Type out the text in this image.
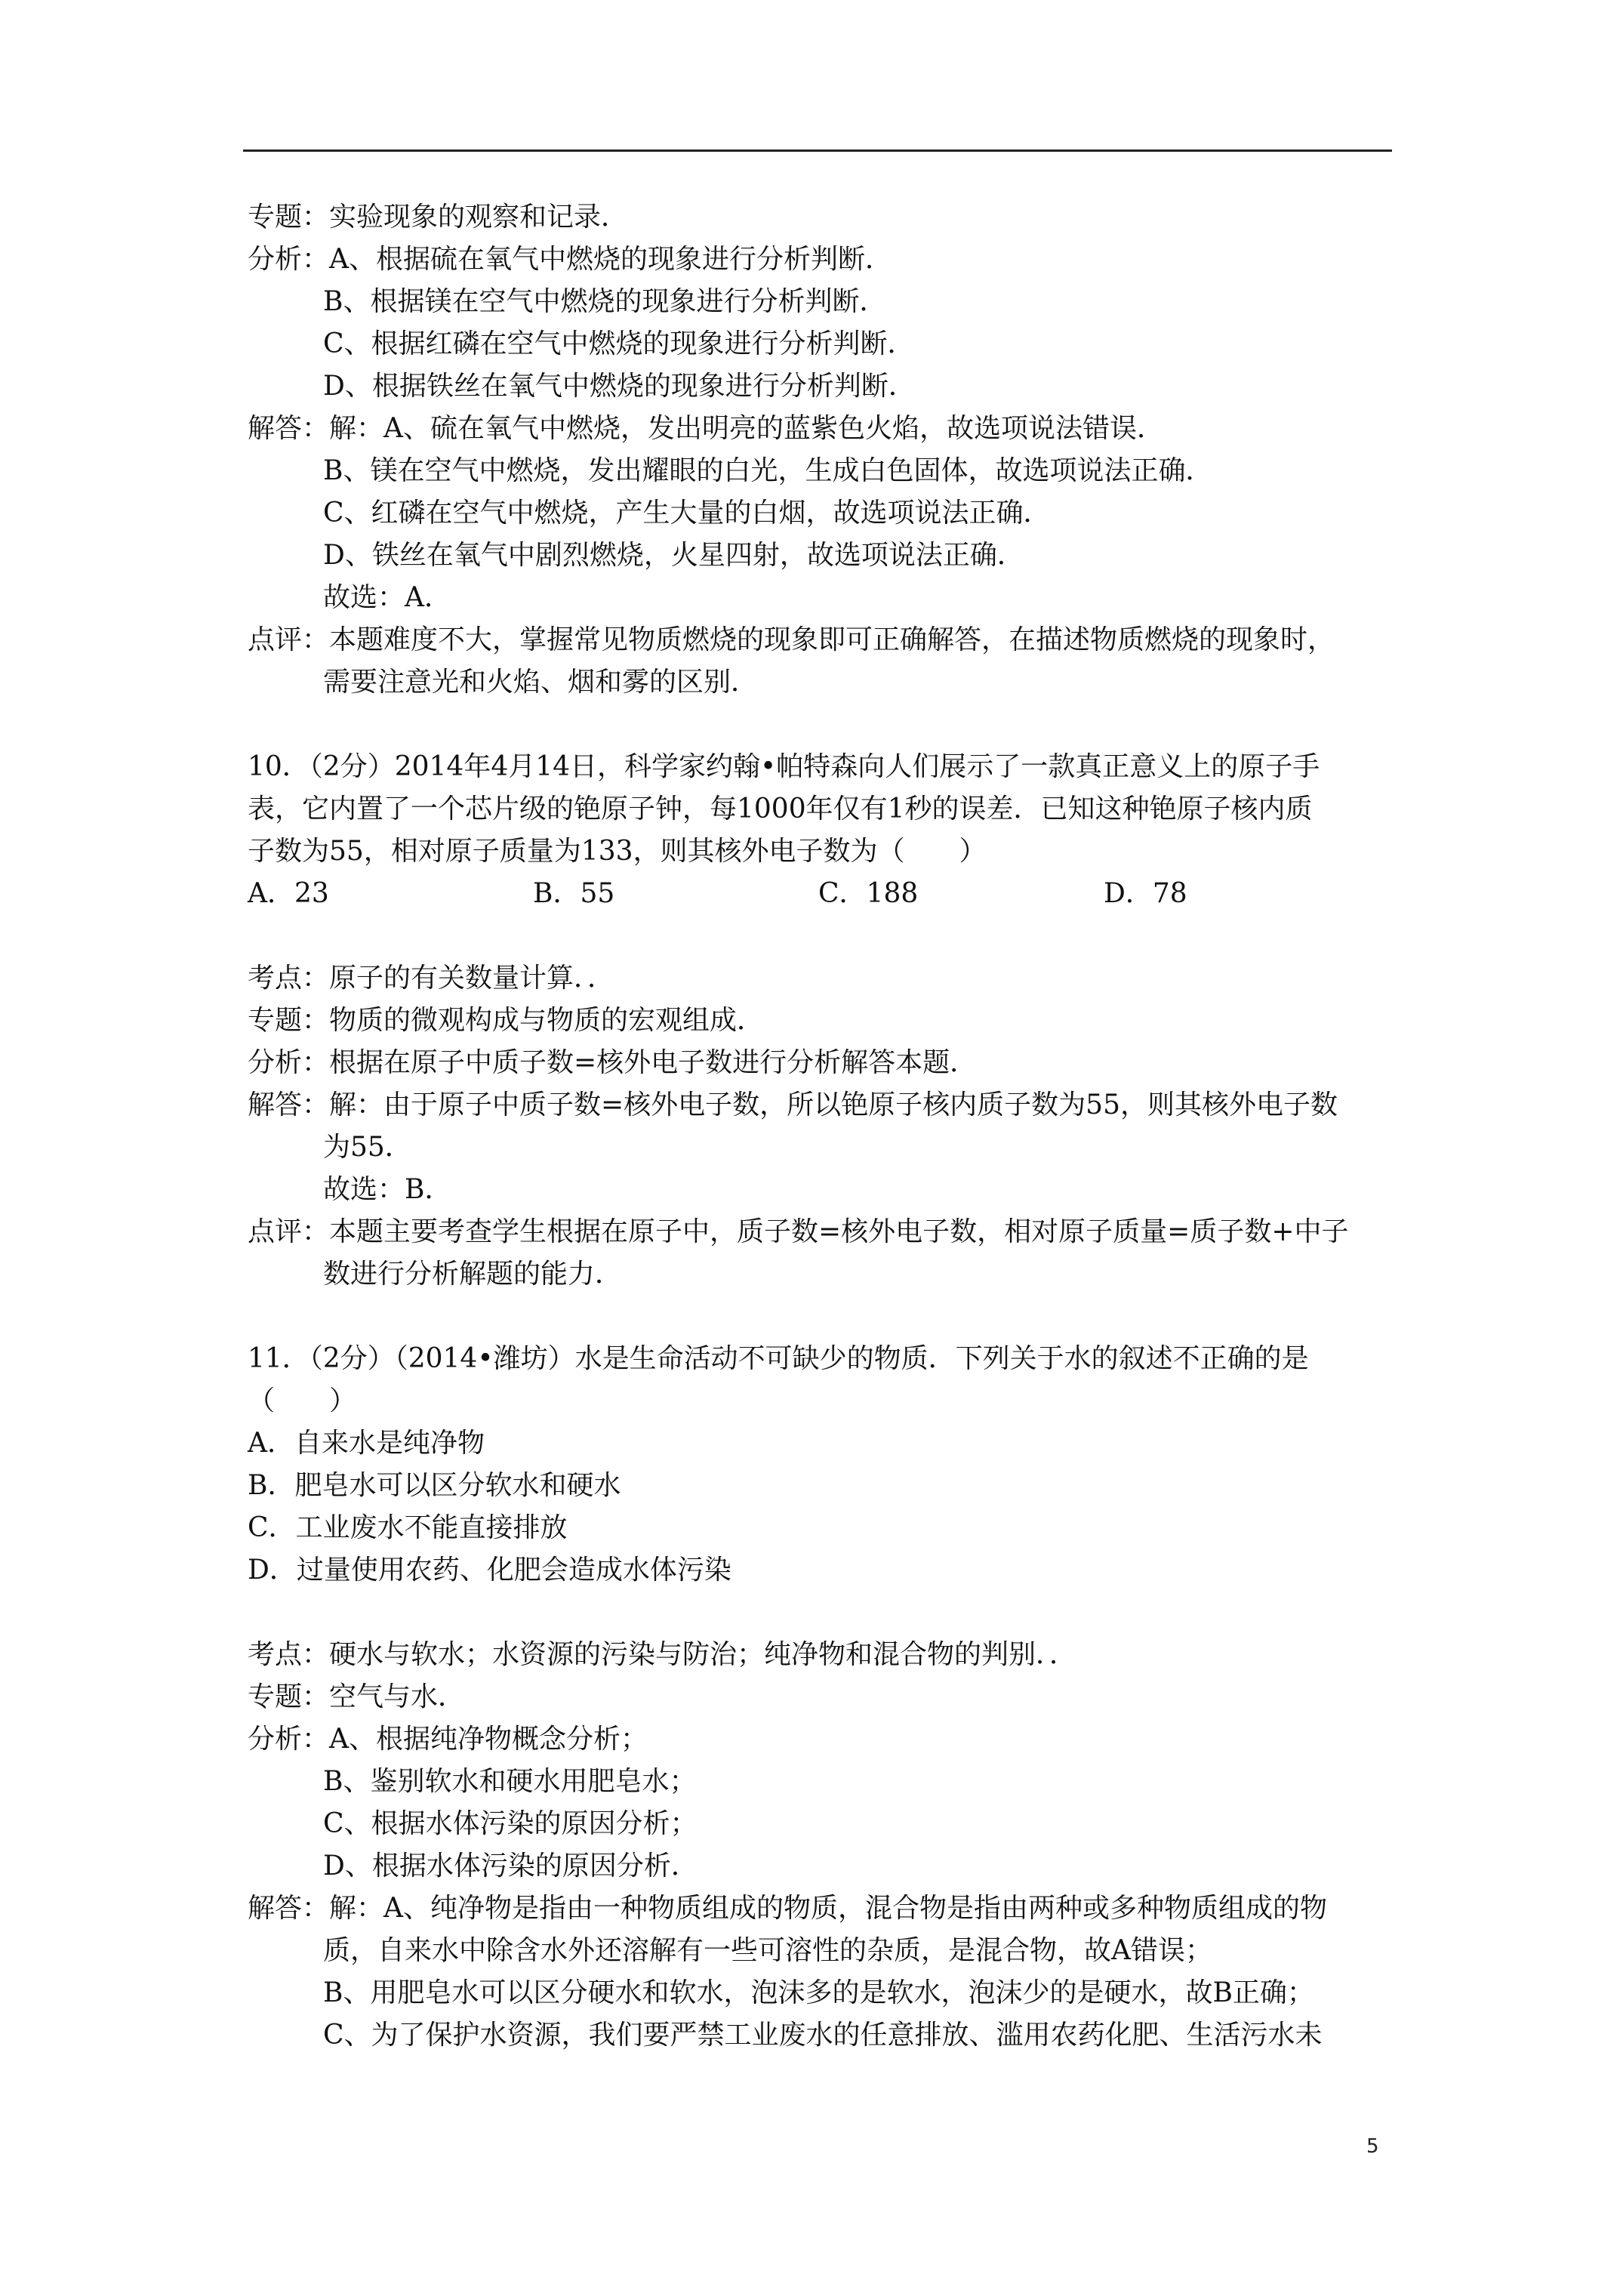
专题：实验现象的观察和记录．
分析：A、根据硫在氧气中燃烧的现象进行分析判断．
B、根据镁在空气中燃烧的现象进行分析判断．
C、根据红磷在空气中燃烧的现象进行分析判断．
D、根据铁丝在氧气中燃烧的现象进行分析判断．
解答：解：A、硫在氧气中燃烧，发出明亮的蓝紫色火焰，故选项说法错误．
B、镁在空气中燃烧，发出耀眼的白光，生成白色固体，故选项说法正确．
C、红磷在空气中燃烧，产生大量的白烟，故选项说法正确．
D、铁丝在氧气中剧烈燃烧，火星四射，故选项说法正确．
故选：A．
点评：本题难度不大，掌握常见物质燃烧的现象即可正确解答，在描述物质燃烧的现象时，
需要注意光和火焰、烟和雾的区别．
10．（2分）2014年4月14日，科学家约翰•帕特森向人们展示了一款真正意义上的原子手
表，它内置了一个芯片级的铯原子钟，每1000年仅有1秒的误差．已知这种铯原子核内质
子数为55，相对原子质量为133，则其核外电子数为（　　）
A．23	B．55	C．188	D．78
考点：原子的有关数量计算．．
专题：物质的微观构成与物质的宏观组成．
分析：根据在原子中质子数=核外电子数进行分析解答本题．
解答：解：由于原子中质子数=核外电子数，所以铯原子核内质子数为55，则其核外电子数
为55．
故选：B．
点评：本题主要考查学生根据在原子中，质子数=核外电子数，相对原子质量=质子数+中子
数进行分析解题的能力．
11．（2分）（2014•潍坊）水是生命活动不可缺少的物质．下列关于水的叙述不正确的是
（　　）
A．自来水是纯净物
B．肥皂水可以区分软水和硬水
C．工业废水不能直接排放
D．过量使用农药、化肥会造成水体污染
考点：硬水与软水；水资源的污染与防治；纯净物和混合物的判别．．
专题：空气与水．
分析：A、根据纯净物概念分析；
B、鉴别软水和硬水用肥皂水；
C、根据水体污染的原因分析；
D、根据水体污染的原因分析．
解答：解：A、纯净物是指由一种物质组成的物质，混合物是指由两种或多种物质组成的物
质，自来水中除含水外还溶解有一些可溶性的杂质，是混合物，故A错误；
B、用肥皂水可以区分硬水和软水，泡沫多的是软水，泡沫少的是硬水，故B正确；
C、为了保护水资源，我们要严禁工业废水的任意排放、滥用农药化肥、生活污水未
5
